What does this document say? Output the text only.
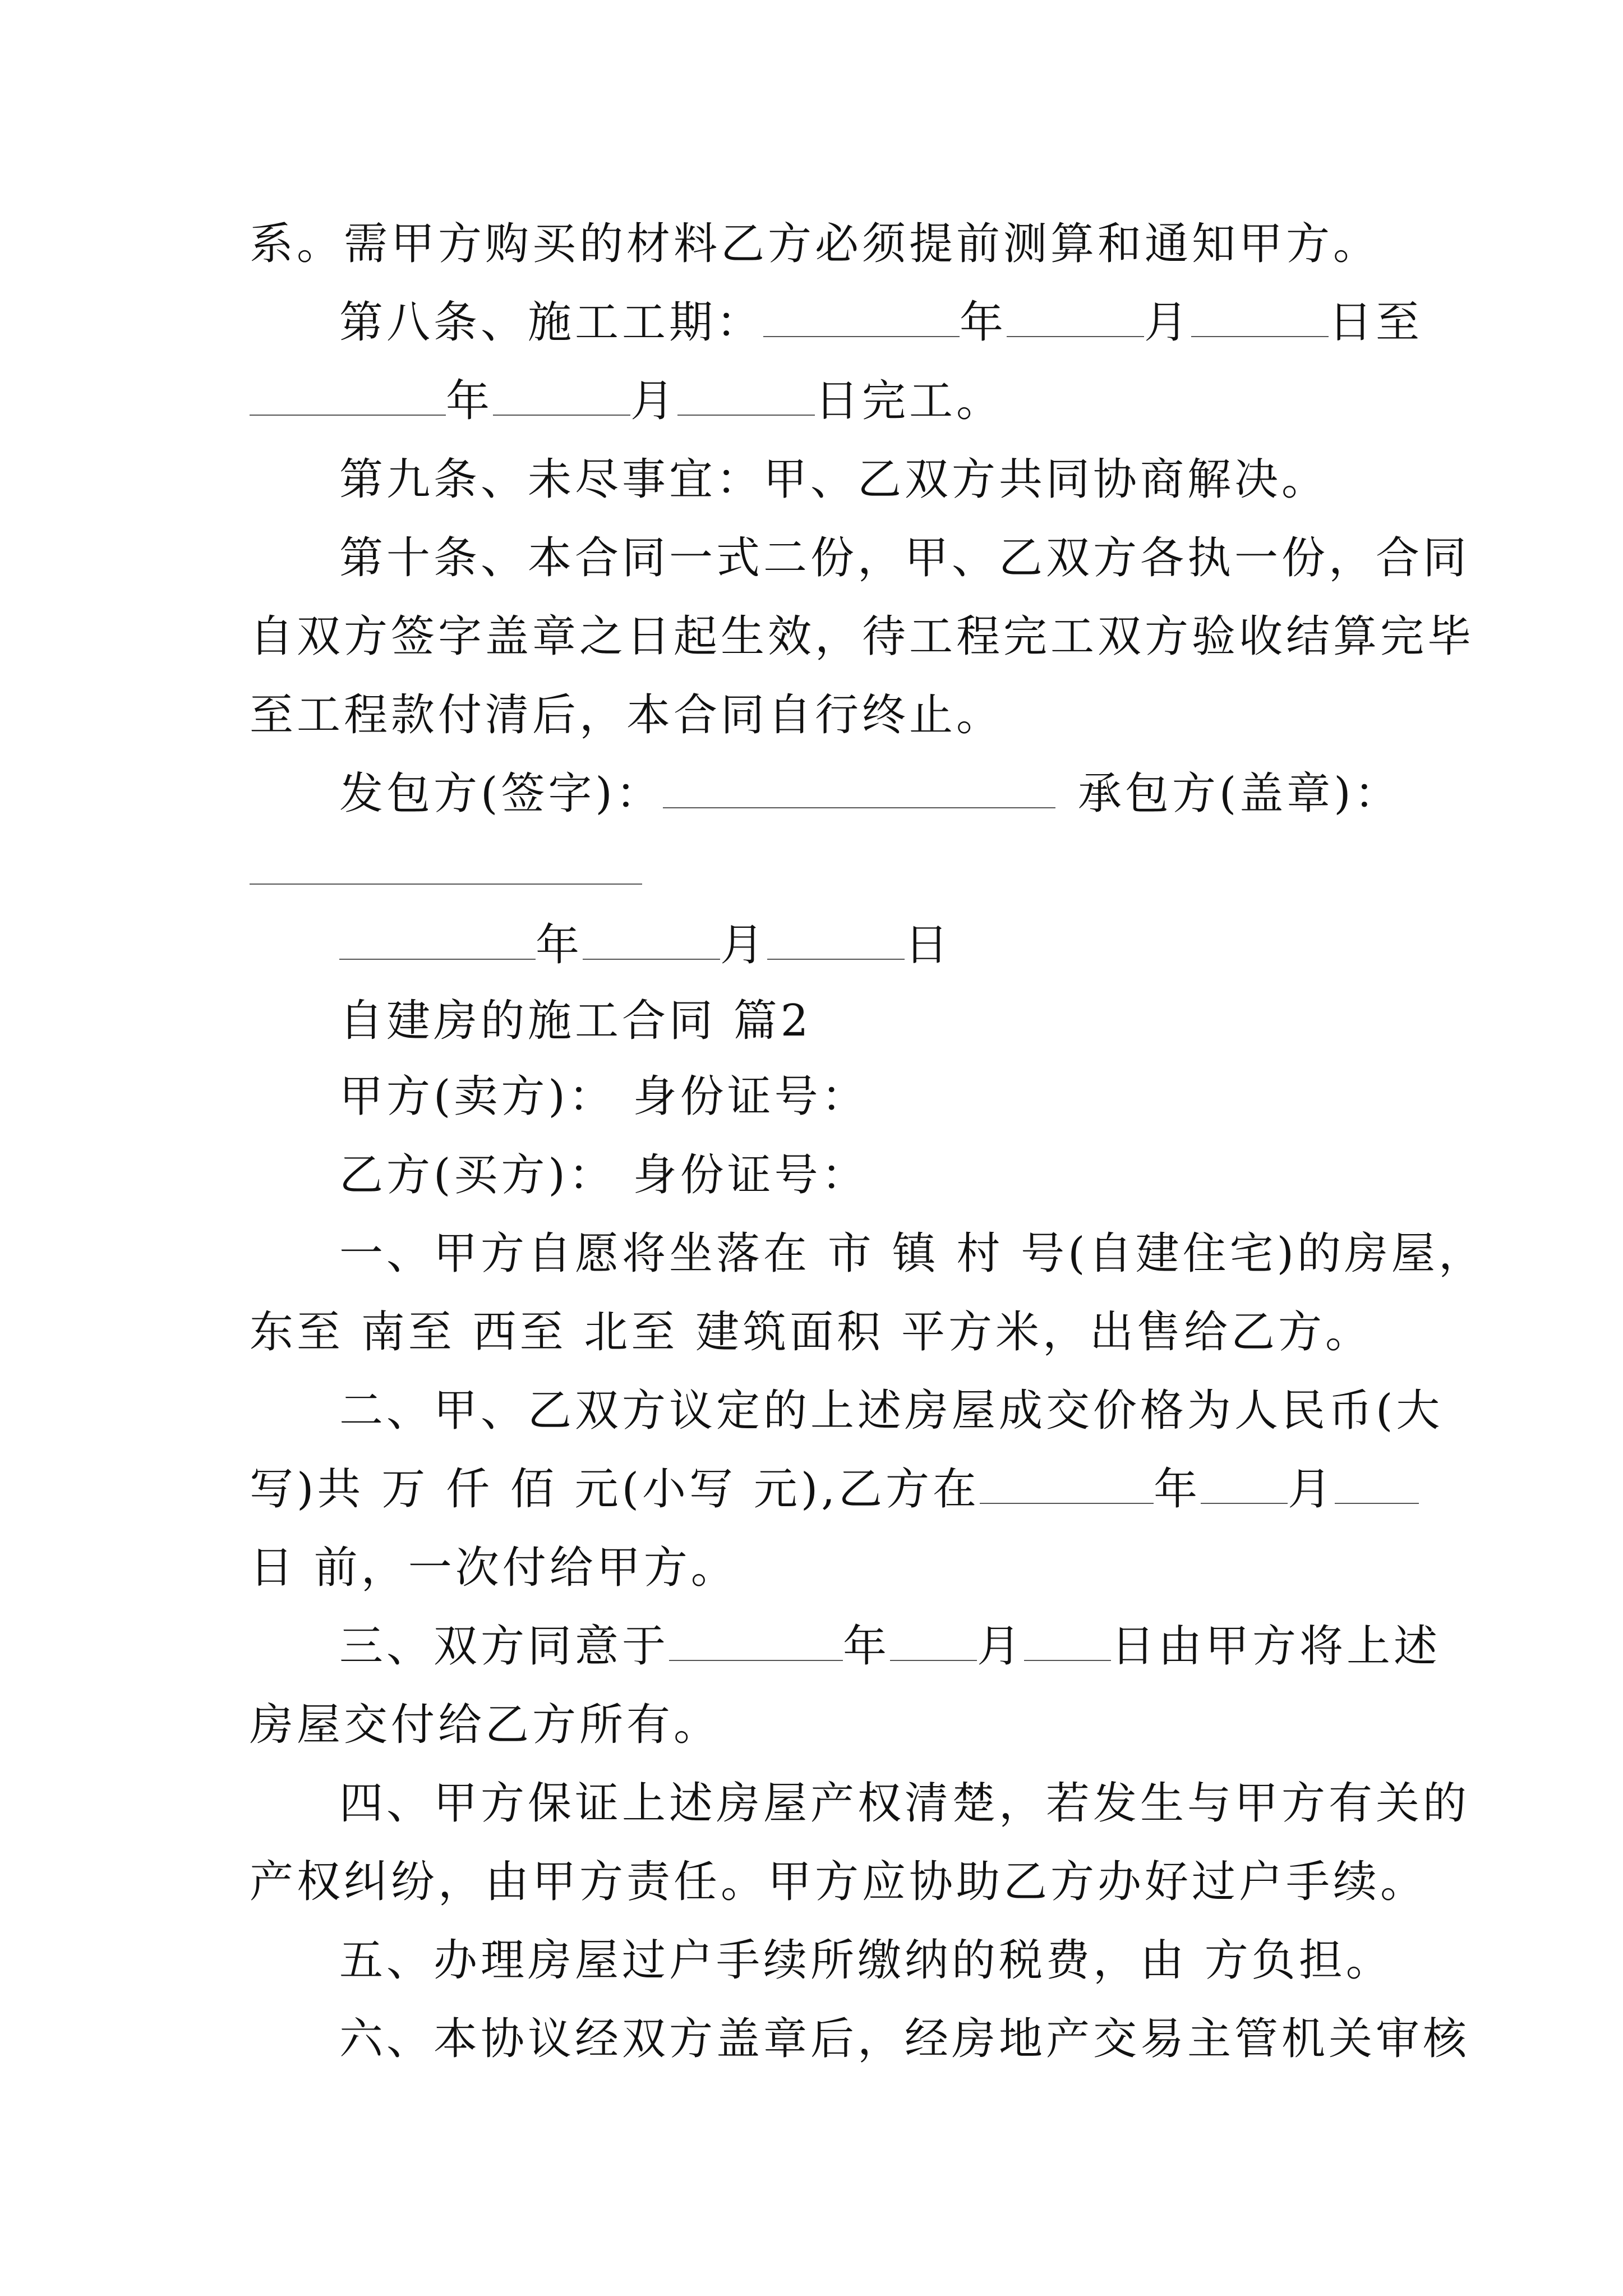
系。需甲方购买的材料乙方必须提前测算和通知甲方。
第八条、施工工期：	年	月	日至
年	月	日完工。
第九条、未尽事宜：甲、乙双方共同协商解决。
第十条、本合同一式二份，甲、乙双方各执一份，合同
自双方签字盖章之日起生效，待工程完工双方验收结算完毕
至工程款付清后，本合同自行终止。
发包方(签字)：	承包方(盖章)：
年	月	日
自建房的施工合同 篇2
甲方(卖方)： 身份证号：
乙方(买方)： 身份证号：
一、甲方自愿将坐落在 市 镇 村 号(自建住宅)的房屋，
东至 南至 西至 北至 建筑面积 平方米，出售给乙方。
二、甲、乙双方议定的上述房屋成交价格为人民币(大
写)共 万 仟 佰 元(小写 元),乙方在	年 月
日 前，一次付给甲方。
三、双方同意于	年 月 日由甲方将上述
房屋交付给乙方所有。
四、甲方保证上述房屋产权清楚，若发生与甲方有关的
产权纠纷，由甲方责任。甲方应协助乙方办好过户手续。
五、办理房屋过户手续所缴纳的税费，由 方负担。
六、本协议经双方盖章后，经房地产交易主管机关审核
